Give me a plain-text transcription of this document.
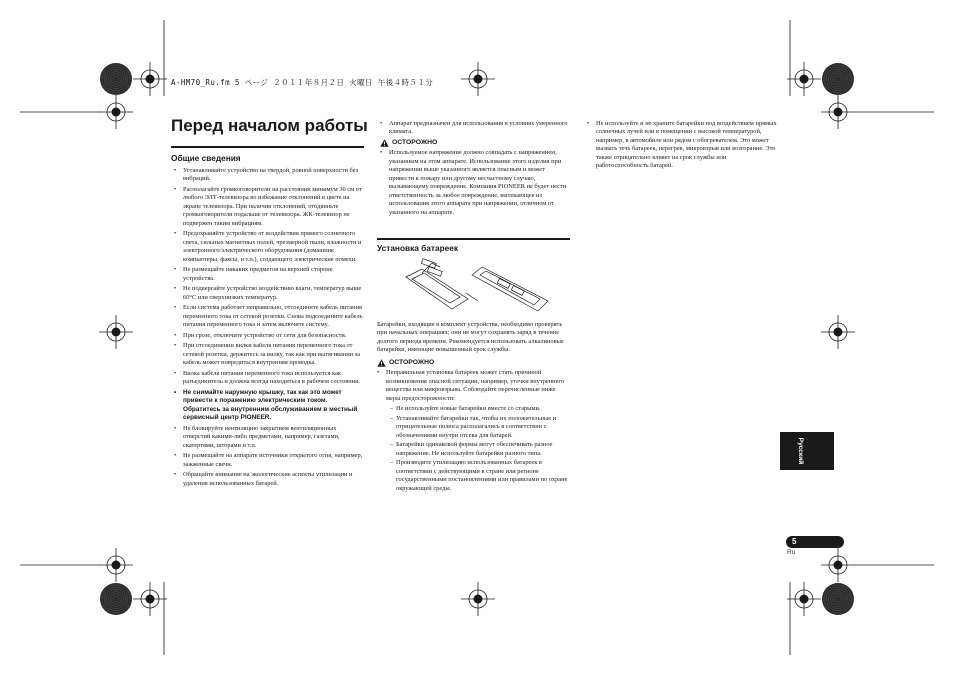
A-HM70_Ru.fm 5 ページ ２０１１年８月２日 火曜日 午後４時５１分
Перед началом работы
Общие сведения
• Устанавливайте устройство на твердой, ровной поверхности без вибраций.
• Располагайте громкоговорители на расстоянии минимум 30 см от любого ЭЛТ-телевизора во избежание отклонений в цвете на экране телевизора. При наличии отклонений, отодвиньте громкоговорители подальше от телевизора. ЖК-телевизор не подвержен таким вибрациям.
• Предохраняйте устройство от воздействия прямого солнечного света, сильных магнитных полей, чрезмерной пыли, влажности и электронного/электрического оборудования (домашние компьютеры, факсы, и т.п.), создающего электрические помехи.
• Не размещайте никаких предметов на верхней стороне устройства.
• Не подвергайте устройство воздействию влаги, температур выше 60°C или сверхнизких температур.
• Если система работает неправильно, отсоедините кабель питания переменного тока от сетевой розетки. Снова подсоедините кабель питания переменного тока и затем включите систему.
• При грозе, отключите устройство от сети для безопасности.
• При отсоединении вилки кабеля питания переменного тока от сетевой розетки, держитесь за вилку, так как при вытягивании за кабель может повредиться внутренняя проводка.
• Вилка кабеля питания переменного тока используется как разъединитель и должна всегда находиться в рабочем состоянии.
• Не снимайте наружную крышку, так как это может привести к поражению электрическим током. Обратитесь за внутренним обслуживанием в местный сервисный центр PIONEER.
• Не блокируйте вентиляцию закрытием вентиляционных отверстий какими-либо предметами, например, газетами, скатертями, шторами и т.п.
• Не размещайте на аппарате источники открытого огня, например, зажженные свечи.
• Обращайте внимание на экологические аспекты утилизации и удаления использованных батарей.
• Аппарат предназначен для использования в условиях умеренного климата.
ОСТОРОЖНО
• Используемое напряжение должно совпадать с напряжением, указанным на этом аппарате. Использование этого изделия при напряжении выше указанного является опасным и может привести к пожару или другому несчастному случаю, вызывающему повреждение. Компания PIONEER не будет нести ответственность за любое повреждение, вытекающее из использования этого аппарата при напряжении, отличном от указанного на аппарате.
Установка батареек

Батарейки, входящие в комплект устройства, необходимо проверять при начальных операциях; они не могут сохранять заряд в течение долгого периода времени. Рекомендуется использовать алкалиновые батарейки, имеющие повышенный срок службы.

ОСТОРОЖНО
• Неправильная установка батареек может стать причиной возникновения опасной ситуации, например, утечки внутреннего вещества или микровзрыва. Соблюдайте перечисленные ниже меры предосторожности:
– Не используйте новые батарейки вместе со старыми.
– Устанавливайте батарейки так, чтобы их положительные и отрицательные полюса располагались в соответствии с обозначениями внутри отсека для батарей.
– Батарейки одинаковой формы могут обеспечивать разное напряжение. Не используйте батарейки разного типа.
– Производите утилизацию использованных батареек в соответствии с действующими в стране или регионе государственными постановлениями или правилами по охране окружающей среды.
• Не используйте и не храните батарейки под воздействием прямых солнечных лучей или в помещении с высокой температурой, например, в автомобиле или рядом с обогревателем. Это может вызвать течь батареек, перегрев, микровзрыв или возгорание. Это также отрицательно влияет на срок службы или работоспособность батарей.
Русский
5
Ru
